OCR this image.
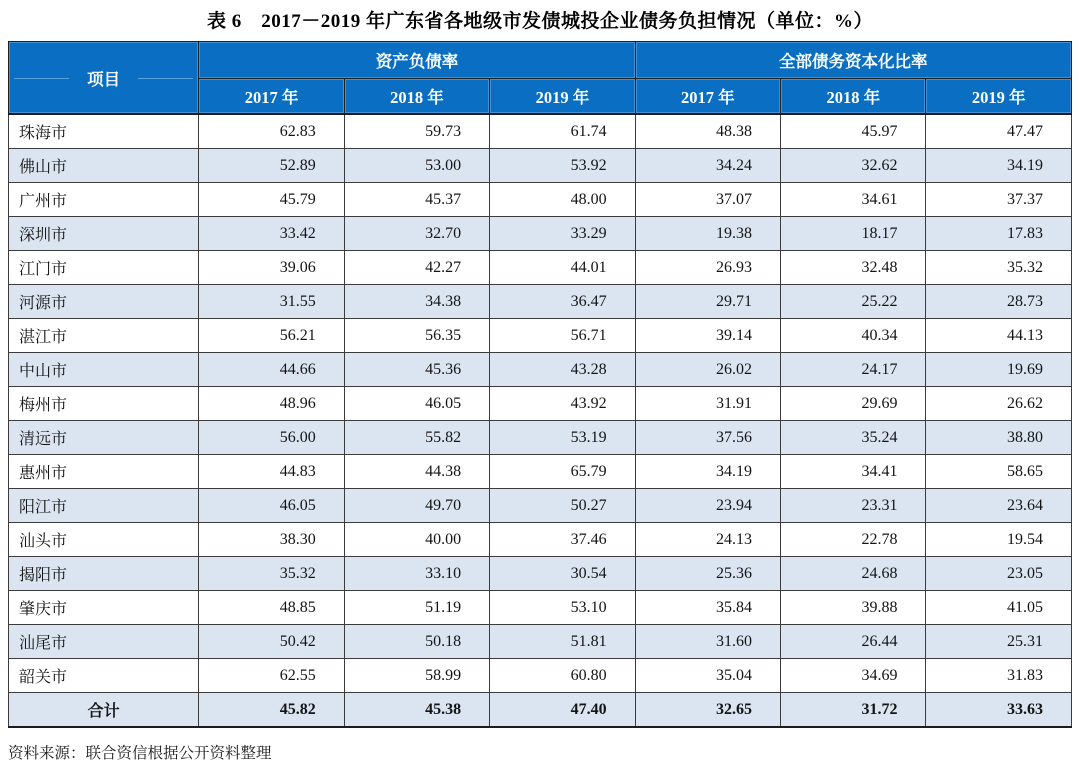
表 6　2017－2019 年广东省各地级市发债城投企业债务负担情况（单位：%）
项目	资产负债率			全部债务资本化比率		
	2017 年	2018 年	2019 年	2017 年	2018 年	2019 年
珠海市	62.83	59.73	61.74	48.38	45.97	47.47
佛山市	52.89	53.00	53.92	34.24	32.62	34.19
广州市	45.79	45.37	48.00	37.07	34.61	37.37
深圳市	33.42	32.70	33.29	19.38	18.17	17.83
江门市	39.06	42.27	44.01	26.93	32.48	35.32
河源市	31.55	34.38	36.47	29.71	25.22	28.73
湛江市	56.21	56.35	56.71	39.14	40.34	44.13
中山市	44.66	45.36	43.28	26.02	24.17	19.69
梅州市	48.96	46.05	43.92	31.91	29.69	26.62
清远市	56.00	55.82	53.19	37.56	35.24	38.80
惠州市	44.83	44.38	65.79	34.19	34.41	58.65
阳江市	46.05	49.70	50.27	23.94	23.31	23.64
汕头市	38.30	40.00	37.46	24.13	22.78	19.54
揭阳市	35.32	33.10	30.54	25.36	24.68	23.05
肇庆市	48.85	51.19	53.10	35.84	39.88	41.05
汕尾市	50.42	50.18	51.81	31.60	26.44	25.31
韶关市	62.55	58.99	60.80	35.04	34.69	31.83
合计	45.82	45.38	47.40	32.65	31.72	33.63
资料来源：联合资信根据公开资料整理
